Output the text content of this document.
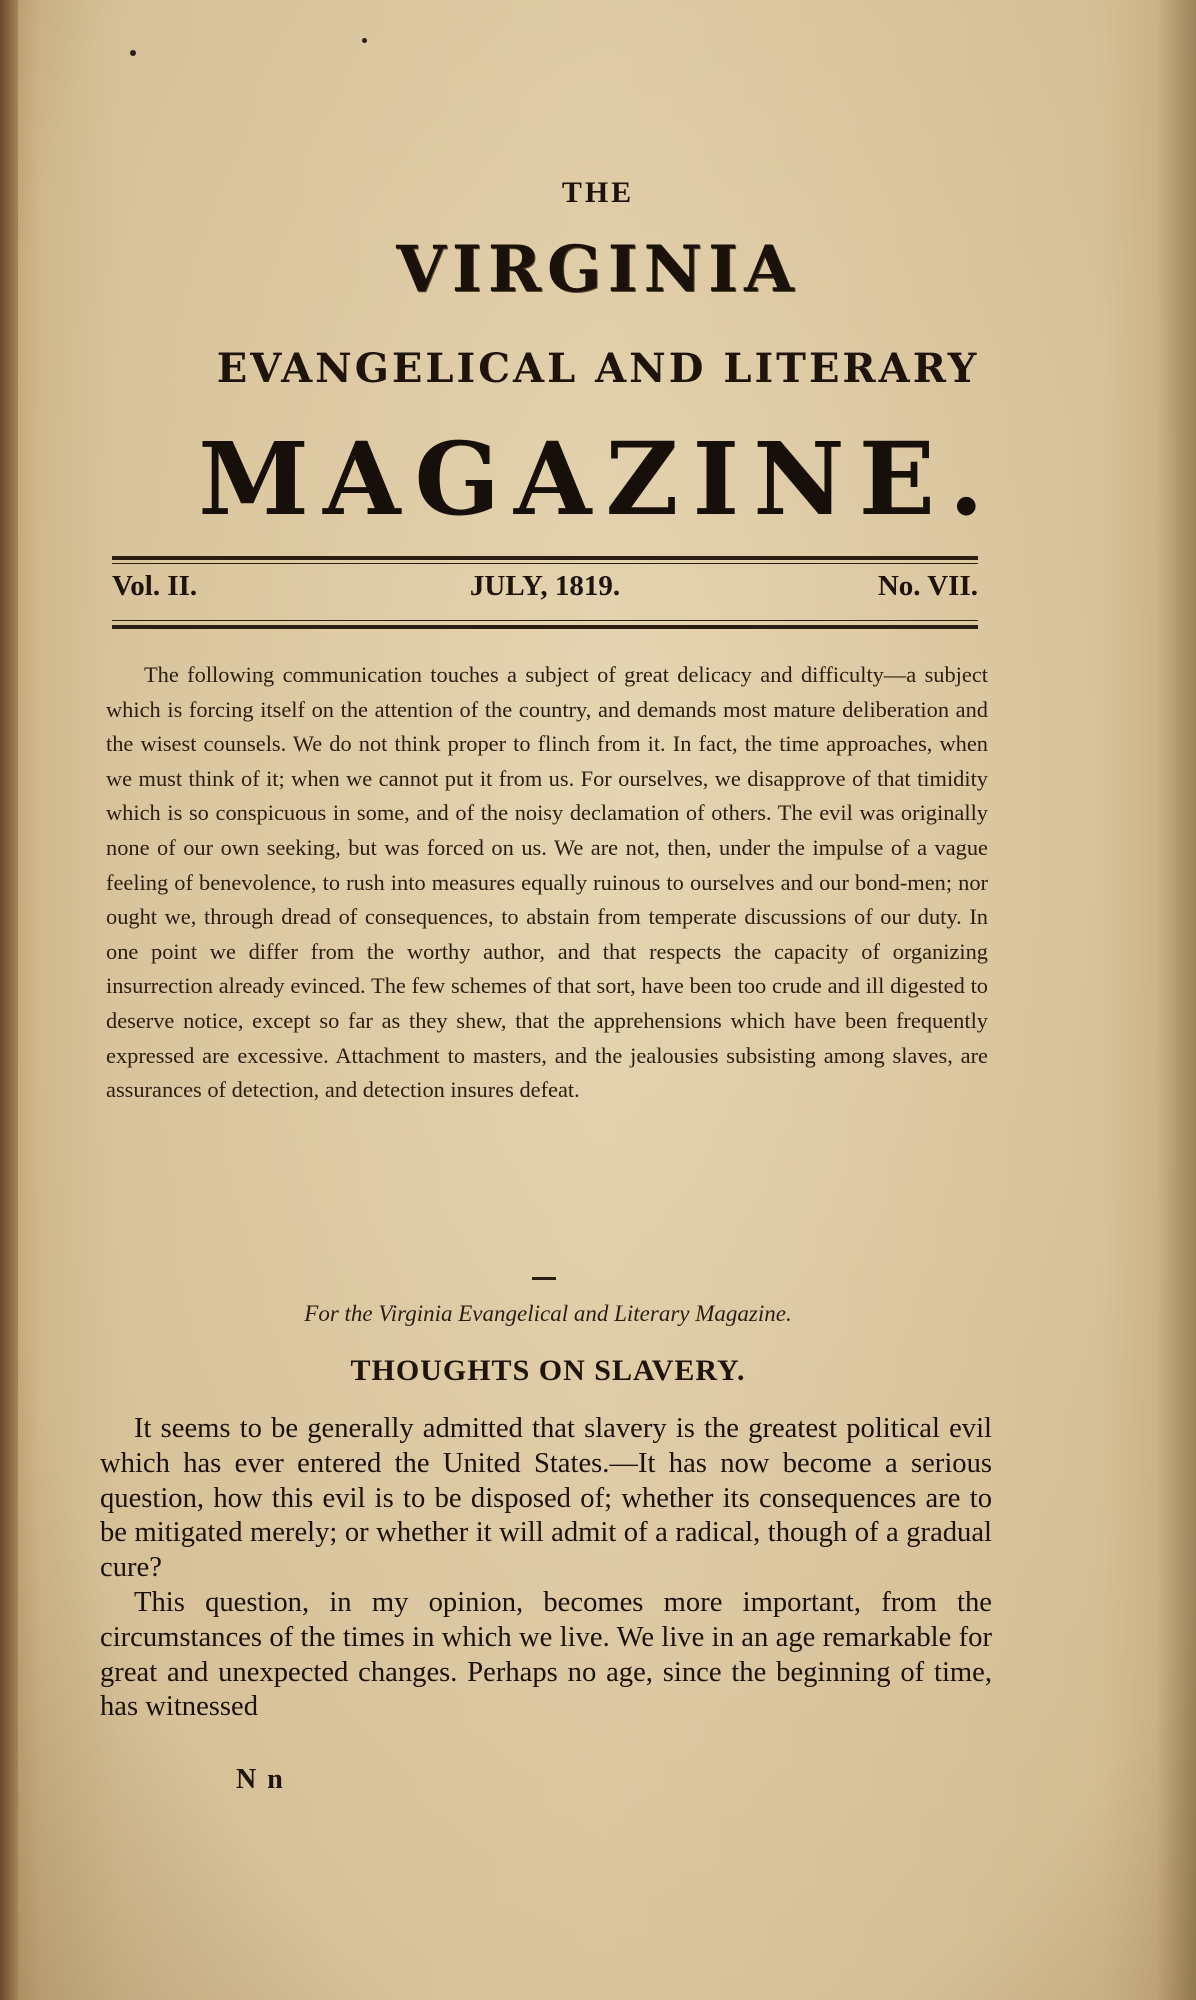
THE
VIRGINIA
EVANGELICAL AND LITERARY
MAGAZINE.
Vol. II.	JULY, 1819.	No. VII.

The following communication touches a subject of great delicacy and difficulty—a subject which is forcing itself on the attention of the country, and demands most mature deliberation and the wisest counsels. We do not think proper to flinch from it. In fact, the time approaches, when we must think of it; when we cannot put it from us. For ourselves, we disapprove of that timidity which is so conspicuous in some, and of the noisy declamation of others. The evil was originally none of our own seeking, but was forced on us. We are not, then, under the impulse of a vague feeling of benevolence, to rush into measures equally ruinous to ourselves and our bond-men; nor ought we, through dread of consequences, to abstain from temperate discussions of our duty. In one point we differ from the worthy author, and that respects the capacity of organizing insurrection already evinced. The few schemes of that sort, have been too crude and ill digested to deserve notice, except so far as they shew, that the apprehensions which have been frequently expressed are excessive. Attachment to masters, and the jealousies subsisting among slaves, are assurances of detection, and detection insures defeat.

For the Virginia Evangelical and Literary Magazine.
THOUGHTS ON SLAVERY.

It seems to be generally admitted that slavery is the greatest political evil which has ever entered the United States.—It has now become a serious question, how this evil is to be disposed of; whether its consequences are to be mitigated merely; or whether it will admit of a radical, though of a gradual cure?

This question, in my opinion, becomes more important, from the circumstances of the times in which we live. We live in an age remarkable for great and unexpected changes. Perhaps no age, since the beginning of time, has witnessed

N n
